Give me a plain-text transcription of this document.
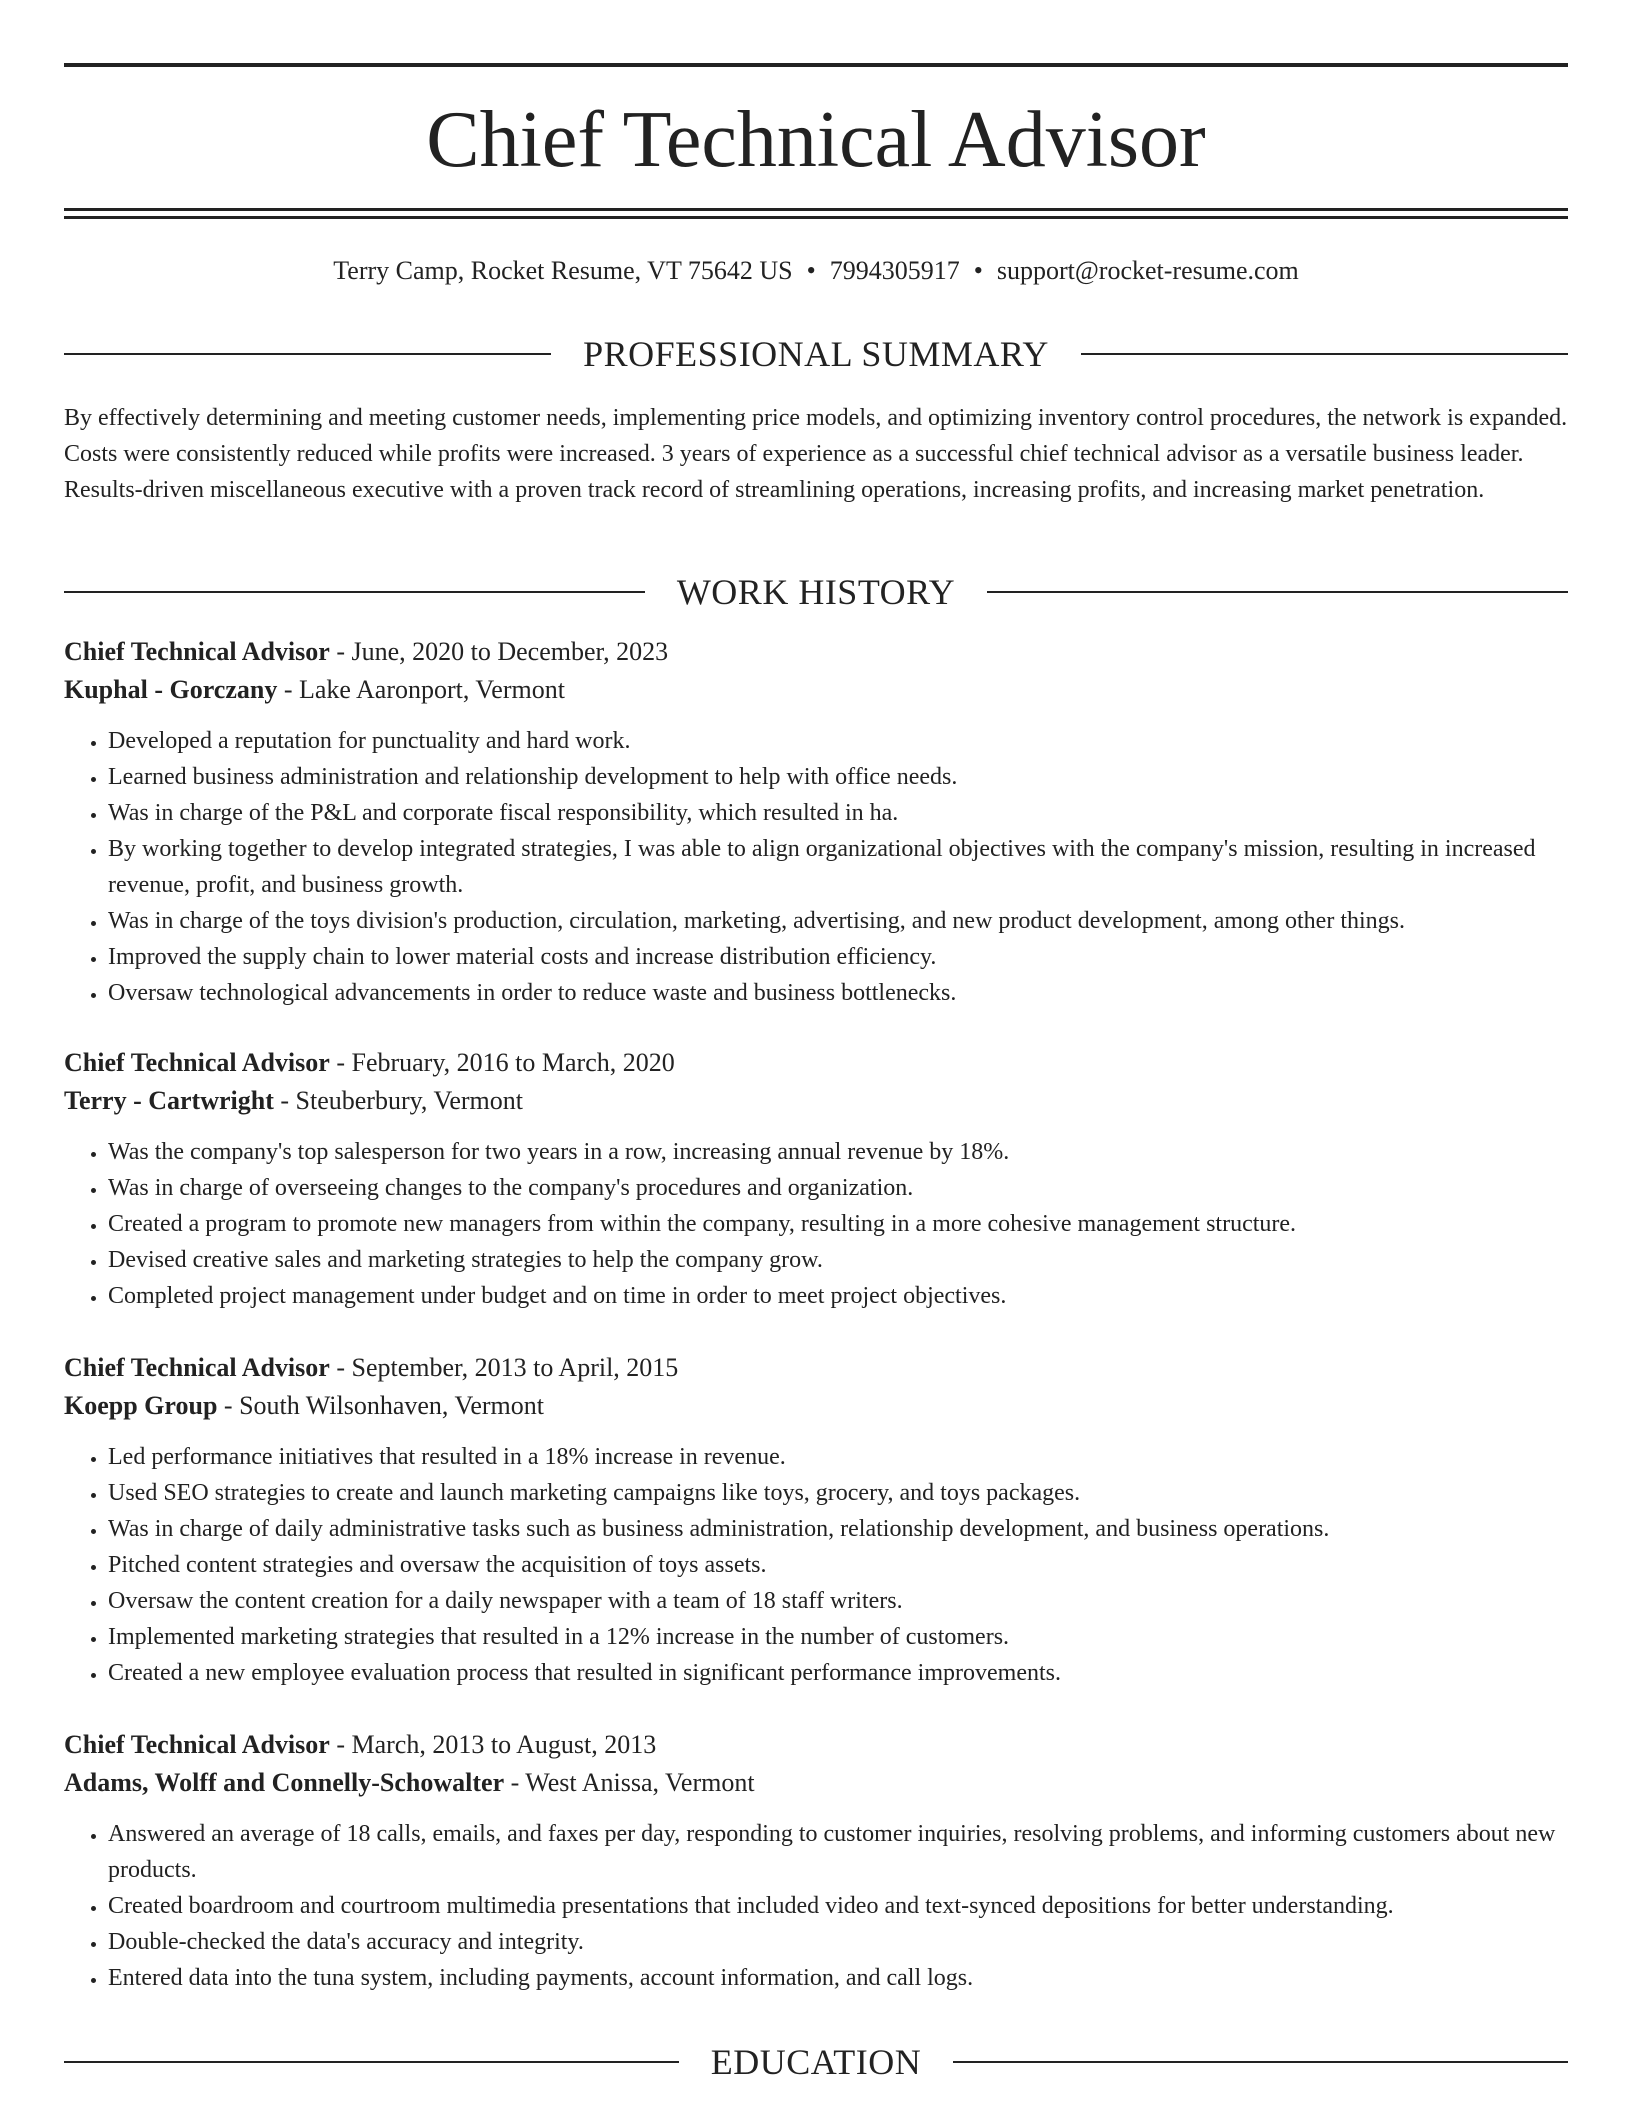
Chief Technical Advisor
Terry Camp, Rocket Resume, VT 75642 US • 7994305917 • support@rocket-resume.com
PROFESSIONAL SUMMARY

By effectively determining and meeting customer needs, implementing price models, and optimizing inventory control procedures, the network is expanded. Costs were consistently reduced while profits were increased. 3 years of experience as a successful chief technical advisor as a versatile business leader. Results-driven miscellaneous executive with a proven track record of streamlining operations, increasing profits, and increasing market penetration.

WORK HISTORY
Chief Technical Advisor - June, 2020 to December, 2023
Kuphal - Gorczany - Lake Aaronport, Vermont
• Developed a reputation for punctuality and hard work.
• Learned business administration and relationship development to help with office needs.
• Was in charge of the P&L and corporate fiscal responsibility, which resulted in ha.
• By working together to develop integrated strategies, I was able to align organizational objectives with the company's mission, resulting in increased revenue, profit, and business growth.
• Was in charge of the toys division's production, circulation, marketing, advertising, and new product development, among other things.
• Improved the supply chain to lower material costs and increase distribution efficiency.
• Oversaw technological advancements in order to reduce waste and business bottlenecks.
Chief Technical Advisor - February, 2016 to March, 2020
Terry - Cartwright - Steuberbury, Vermont
• Was the company's top salesperson for two years in a row, increasing annual revenue by 18%.
• Was in charge of overseeing changes to the company's procedures and organization.
• Created a program to promote new managers from within the company, resulting in a more cohesive management structure.
• Devised creative sales and marketing strategies to help the company grow.
• Completed project management under budget and on time in order to meet project objectives.
Chief Technical Advisor - September, 2013 to April, 2015
Koepp Group - South Wilsonhaven, Vermont
• Led performance initiatives that resulted in a 18% increase in revenue.
• Used SEO strategies to create and launch marketing campaigns like toys, grocery, and toys packages.
• Was in charge of daily administrative tasks such as business administration, relationship development, and business operations.
• Pitched content strategies and oversaw the acquisition of toys assets.
• Oversaw the content creation for a daily newspaper with a team of 18 staff writers.
• Implemented marketing strategies that resulted in a 12% increase in the number of customers.
• Created a new employee evaluation process that resulted in significant performance improvements.
Chief Technical Advisor - March, 2013 to August, 2013
Adams, Wolff and Connelly-Schowalter - West Anissa, Vermont
• Answered an average of 18 calls, emails, and faxes per day, responding to customer inquiries, resolving problems, and informing customers about new products.
• Created boardroom and courtroom multimedia presentations that included video and text-synced depositions for better understanding.
• Double-checked the data's accuracy and integrity.
• Entered data into the tuna system, including payments, account information, and call logs.
EDUCATION
